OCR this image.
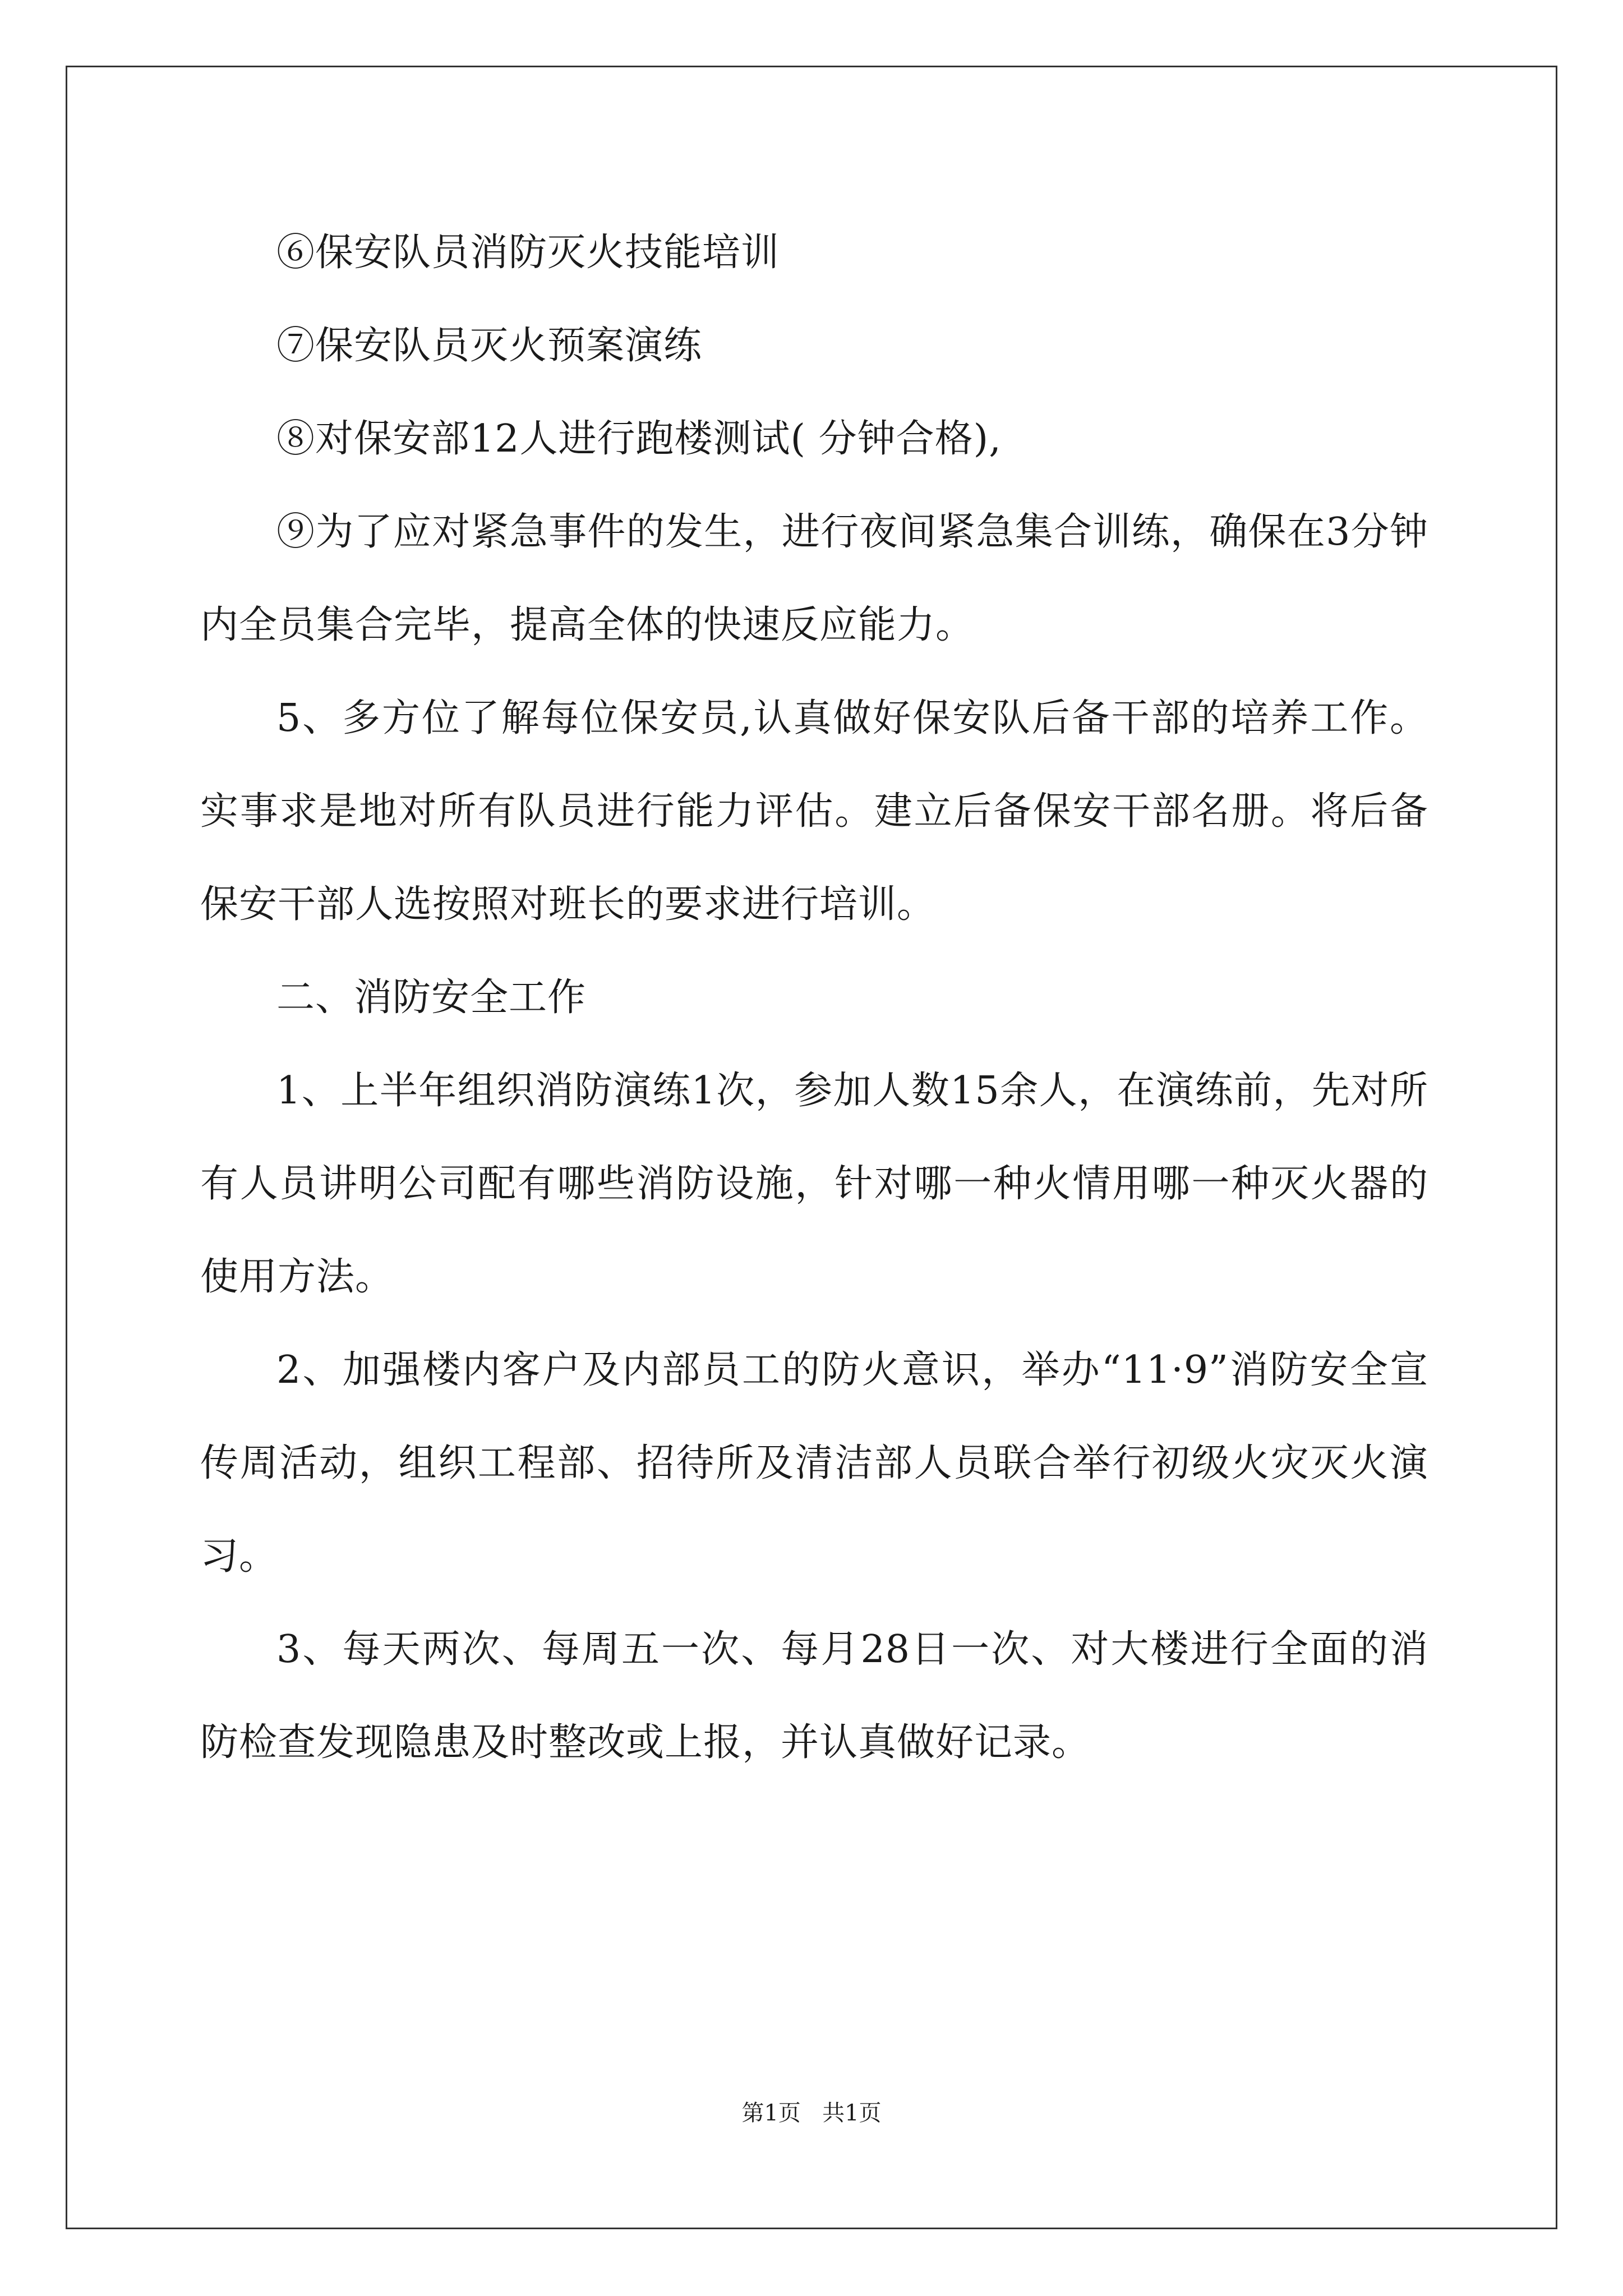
⑥保安队员消防灭火技能培训

⑦保安队员灭火预案演练

⑧对保安部12人进行跑楼测试( 分钟合格),

⑨为了应对紧急事件的发生，进行夜间紧急集合训练，确保在3分钟内全员集合完毕，提高全体的快速反应能力。

5、多方位了解每位保安员,认真做好保安队后备干部的培养工作。实事求是地对所有队员进行能力评估。建立后备保安干部名册。将后备保安干部人选按照对班长的要求进行培训。

二、消防安全工作

1、上半年组织消防演练1次，参加人数15余人，在演练前，先对所有人员讲明公司配有哪些消防设施，针对哪一种火情用哪一种灭火器的使用方法。

2、加强楼内客户及内部员工的防火意识，举办“11·9”消防安全宣传周活动，组织工程部、招待所及清洁部人员联合举行初级火灾灭火演习。

3、每天两次、每周五一次、每月28日一次、对大楼进行全面的消防检查发现隐患及时整改或上报，并认真做好记录。

第1页 共1页
